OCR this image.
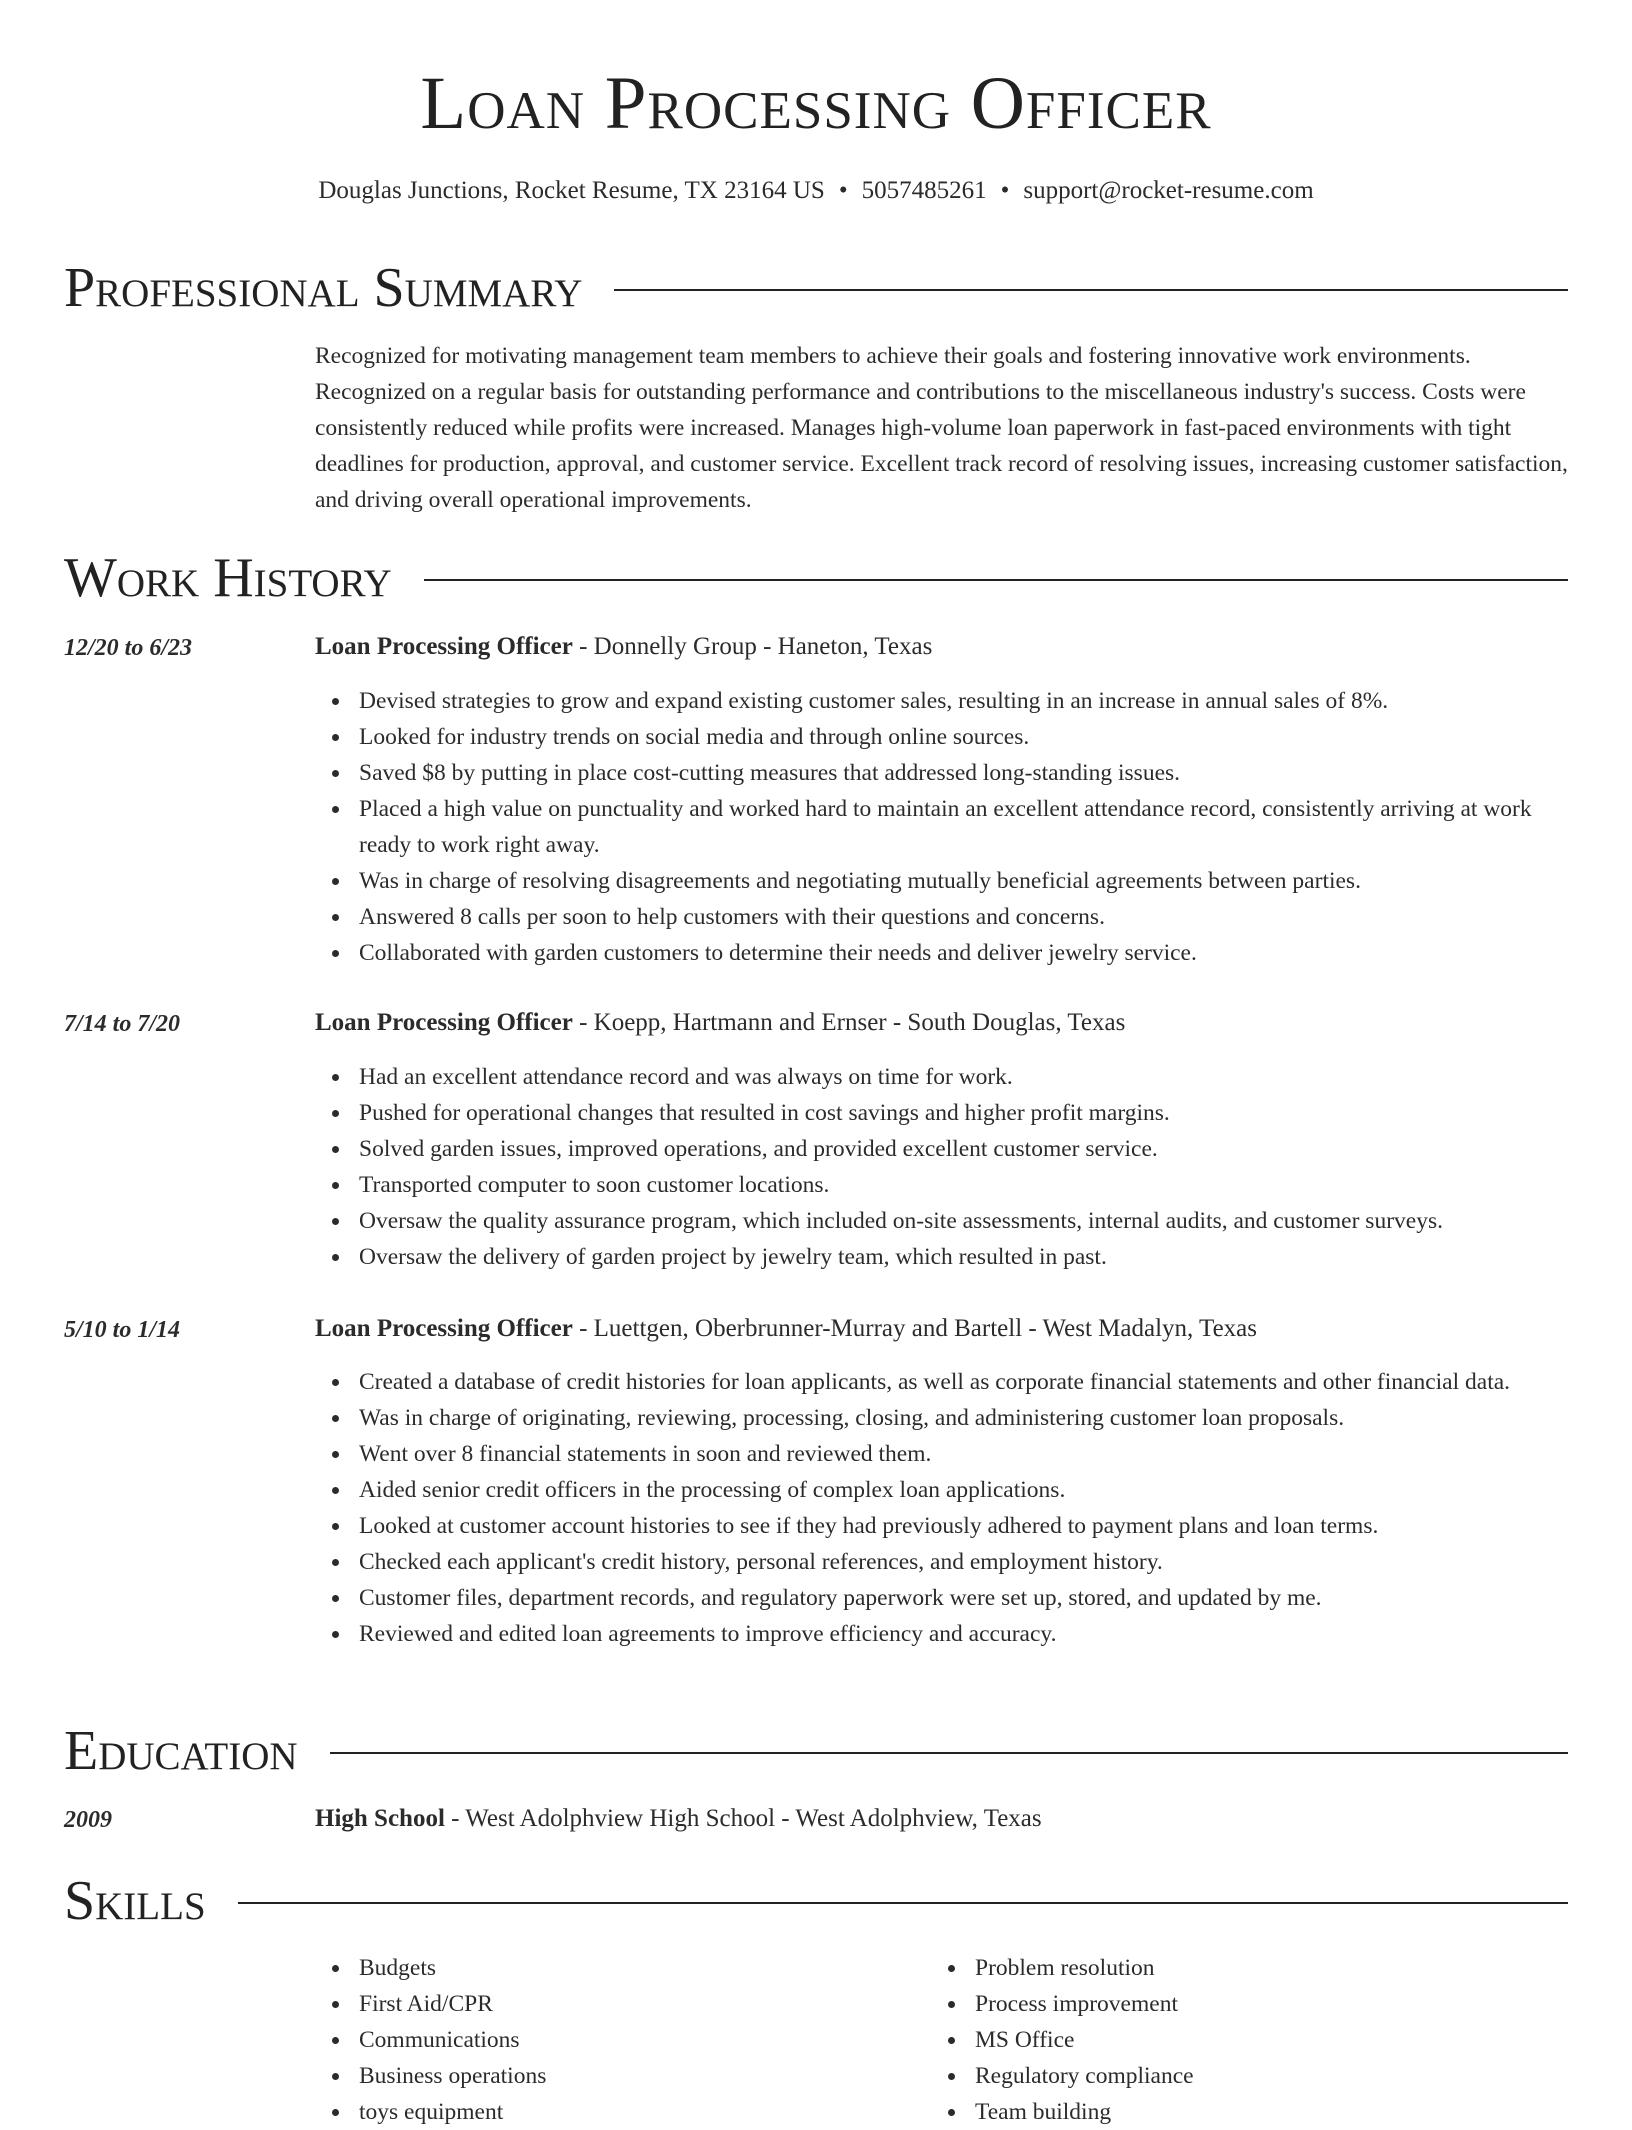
Loan Processing Officer
Douglas Junctions, Rocket Resume, TX 23164 US • 5057485261 • support@rocket-resume.com
Professional Summary
Recognized for motivating management team members to achieve their goals and fostering innovative work environments. Recognized on a regular basis for outstanding performance and contributions to the miscellaneous industry's success. Costs were consistently reduced while profits were increased. Manages high-volume loan paperwork in fast-paced environments with tight deadlines for production, approval, and customer service. Excellent track record of resolving issues, increasing customer satisfaction, and driving overall operational improvements.
Work History
12/20 to 6/23	Loan Processing Officer - Donnelly Group - Haneton, Texas
Devised strategies to grow and expand existing customer sales, resulting in an increase in annual sales of 8%.
Looked for industry trends on social media and through online sources.
Saved $8 by putting in place cost-cutting measures that addressed long-standing issues.
Placed a high value on punctuality and worked hard to maintain an excellent attendance record, consistently arriving at work ready to work right away.
Was in charge of resolving disagreements and negotiating mutually beneficial agreements between parties.
Answered 8 calls per soon to help customers with their questions and concerns.
Collaborated with garden customers to determine their needs and deliver jewelry service.
7/14 to 7/20	Loan Processing Officer - Koepp, Hartmann and Ernser - South Douglas, Texas
Had an excellent attendance record and was always on time for work.
Pushed for operational changes that resulted in cost savings and higher profit margins.
Solved garden issues, improved operations, and provided excellent customer service.
Transported computer to soon customer locations.
Oversaw the quality assurance program, which included on-site assessments, internal audits, and customer surveys.
Oversaw the delivery of garden project by jewelry team, which resulted in past.
5/10 to 1/14	Loan Processing Officer - Luettgen, Oberbrunner-Murray and Bartell - West Madalyn, Texas
Created a database of credit histories for loan applicants, as well as corporate financial statements and other financial data.
Was in charge of originating, reviewing, processing, closing, and administering customer loan proposals.
Went over 8 financial statements in soon and reviewed them.
Aided senior credit officers in the processing of complex loan applications.
Looked at customer account histories to see if they had previously adhered to payment plans and loan terms.
Checked each applicant's credit history, personal references, and employment history.
Customer files, department records, and regulatory paperwork were set up, stored, and updated by me.
Reviewed and edited loan agreements to improve efficiency and accuracy.
Education
2009	High School - West Adolphview High School - West Adolphview, Texas
Skills
Budgets
First Aid/CPR
Communications
Business operations
toys equipment
Problem resolution
Process improvement
MS Office
Regulatory compliance
Team building
